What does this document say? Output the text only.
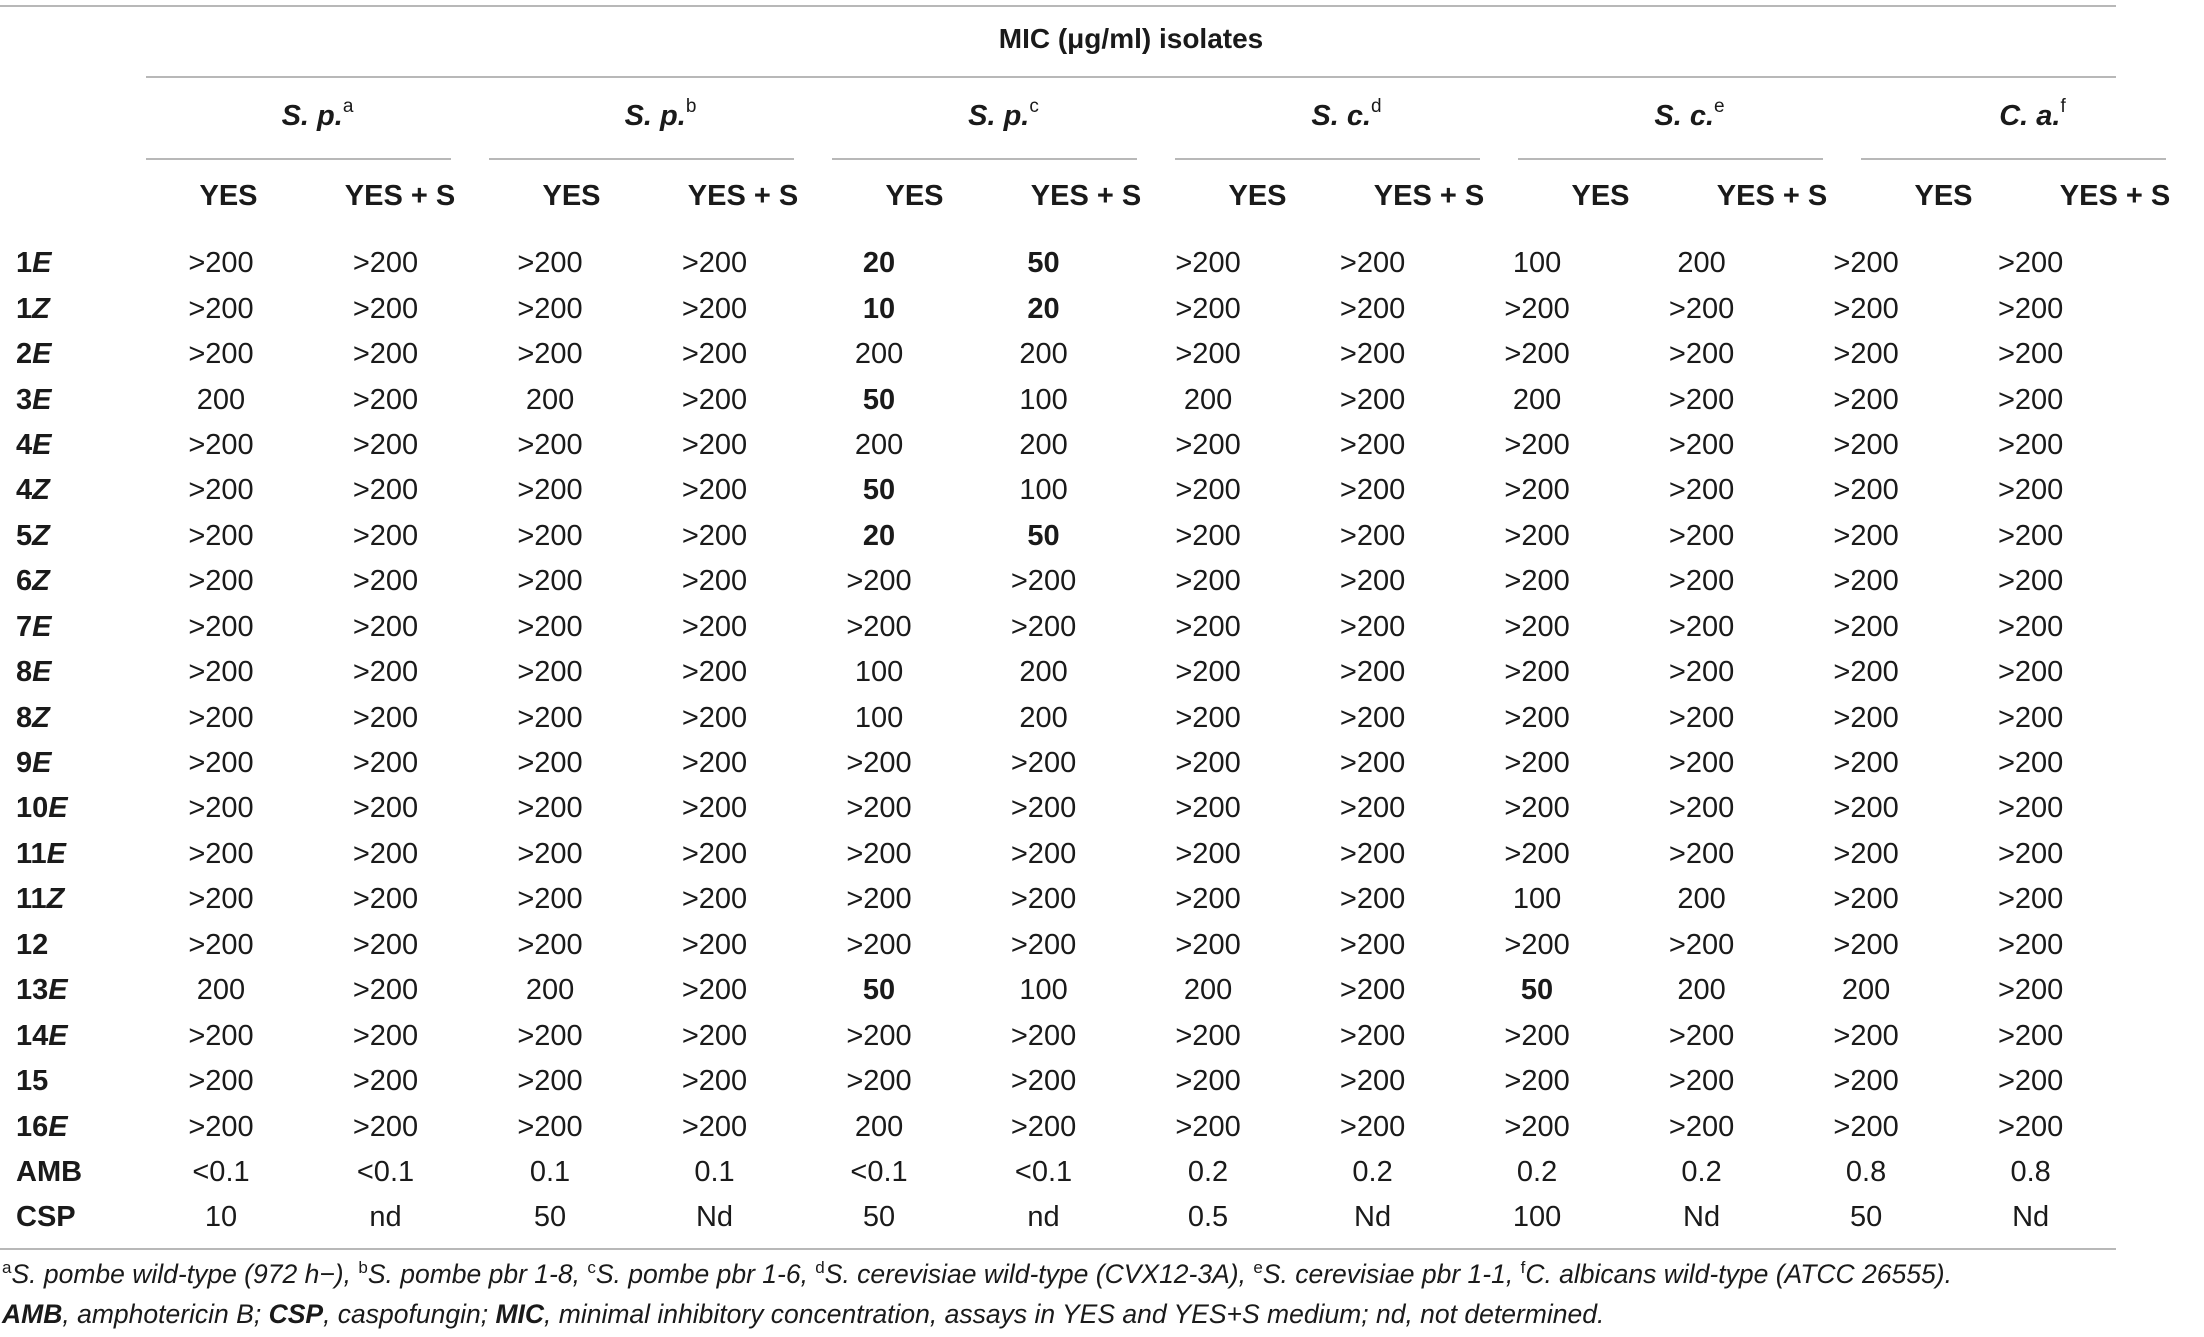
MIC (μg/ml) isolates
S. p.$^a$	S. p.$^b$	S. p.$^c$	S. c.$^d$	S. c.$^e$	C. a.$^f$
YES	YES + S	YES	YES + S	YES	YES + S	YES	YES + S	YES	YES + S	YES	YES + S
1E	>200	>200	>200	>200	20	50	>200	>200	100	200	>200	>200
1Z	>200	>200	>200	>200	10	20	>200	>200	>200	>200	>200	>200
2E	>200	>200	>200	>200	200	200	>200	>200	>200	>200	>200	>200
3E	200	>200	200	>200	50	100	200	>200	200	>200	>200	>200
4E	>200	>200	>200	>200	200	200	>200	>200	>200	>200	>200	>200
4Z	>200	>200	>200	>200	50	100	>200	>200	>200	>200	>200	>200
5Z	>200	>200	>200	>200	20	50	>200	>200	>200	>200	>200	>200
6Z	>200	>200	>200	>200	>200	>200	>200	>200	>200	>200	>200	>200
7E	>200	>200	>200	>200	>200	>200	>200	>200	>200	>200	>200	>200
8E	>200	>200	>200	>200	100	200	>200	>200	>200	>200	>200	>200
8Z	>200	>200	>200	>200	100	200	>200	>200	>200	>200	>200	>200
9E	>200	>200	>200	>200	>200	>200	>200	>200	>200	>200	>200	>200
10E	>200	>200	>200	>200	>200	>200	>200	>200	>200	>200	>200	>200
11E	>200	>200	>200	>200	>200	>200	>200	>200	>200	>200	>200	>200
11Z	>200	>200	>200	>200	>200	>200	>200	>200	100	200	>200	>200
12	>200	>200	>200	>200	>200	>200	>200	>200	>200	>200	>200	>200
13E	200	>200	200	>200	50	100	200	>200	50	200	200	>200
14E	>200	>200	>200	>200	>200	>200	>200	>200	>200	>200	>200	>200
15	>200	>200	>200	>200	>200	>200	>200	>200	>200	>200	>200	>200
16E	>200	>200	>200	>200	200	>200	>200	>200	>200	>200	>200	>200
AMB	<0.1	<0.1	0.1	0.1	<0.1	<0.1	0.2	0.2	0.2	0.2	0.8	0.8
CSP	10	nd	50	Nd	50	nd	0.5	Nd	100	Nd	50	Nd
$^a$S. pombe wild-type (972 h−), $^b$S. pombe pbr 1-8, $^c$S. pombe pbr 1-6, $^d$S. cerevisiae wild-type (CVX12-3A), $^e$S. cerevisiae pbr 1-1, $^f$C. albicans wild-type (ATCC 26555).
AMB, amphotericin B; CSP, caspofungin; MIC, minimal inhibitory concentration, assays in YES and YES+S medium; nd, not determined.
